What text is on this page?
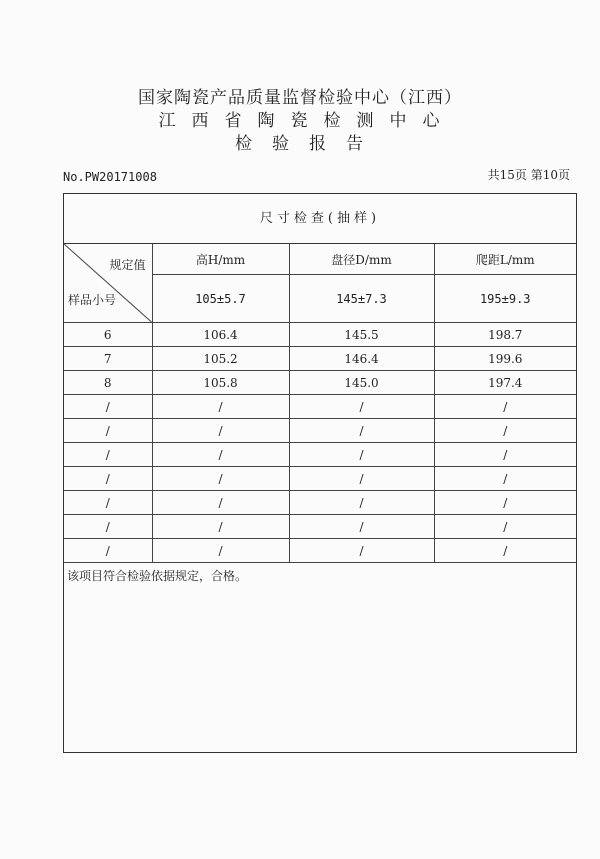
国家陶瓷产品质量监督检验中心（江西）
江西省陶瓷检测中心
检验报告
No.PW20171008	共15页 第10页
尺寸检查(抽样)
规定值
样品小号	高H/mm	盘径D/mm	爬距L/mm
	105±5.7	145±7.3	195±9.3
6	106.4	145.5	198.7
7	105.2	146.4	199.6
8	105.8	145.0	197.4
/	/	/	/
/	/	/	/
/	/	/	/
/	/	/	/
/	/	/	/
/	/	/	/
/	/	/	/
该项目符合检验依据规定，合格。
